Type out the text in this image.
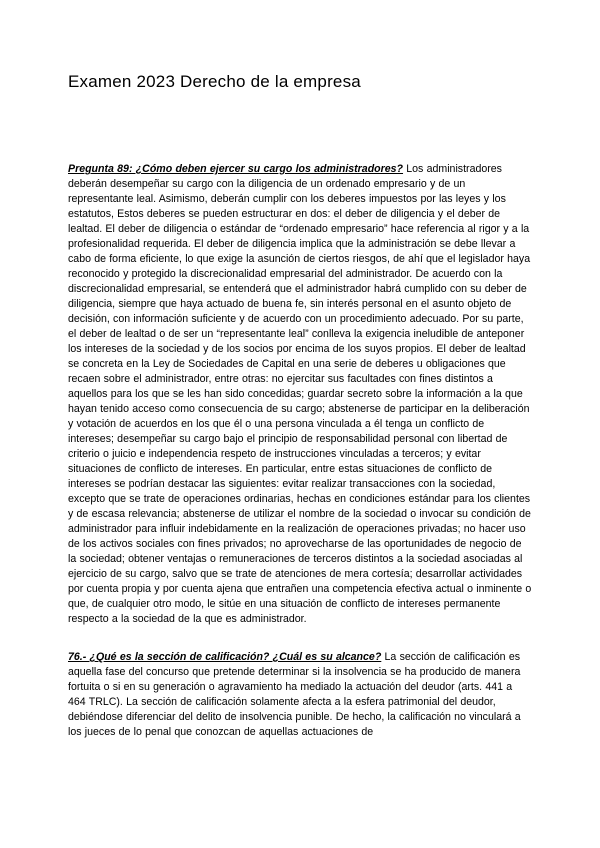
Examen 2023 Derecho de la empresa

Pregunta 89: ¿Cómo deben ejercer su cargo los administradores? Los administradores deberán desempeñar su cargo con la diligencia de un ordenado empresario y de un representante leal. Asimismo, deberán cumplir con los deberes impuestos por las leyes y los estatutos, Estos deberes se pueden estructurar en dos: el deber de diligencia y el deber de lealtad. El deber de diligencia o estándar de “ordenado empresario” hace referencia al rigor y a la profesionalidad requerida. El deber de diligencia implica que la administración se debe llevar a cabo de forma eficiente, lo que exige la asunción de ciertos riesgos, de ahí que el legislador haya reconocido y protegido la discrecionalidad empresarial del administrador. De acuerdo con la discrecionalidad empresarial, se entenderá que el administrador habrá cumplido con su deber de diligencia, siempre que haya actuado de buena fe, sin interés personal en el asunto objeto de decisión, con información suficiente y de acuerdo con un procedimiento adecuado. Por su parte, el deber de lealtad o de ser un “representante leal” conlleva la exigencia ineludible de anteponer los intereses de la sociedad y de los socios por encima de los suyos propios. El deber de lealtad se concreta en la Ley de Sociedades de Capital en una serie de deberes u obligaciones que recaen sobre el administrador, entre otras: no ejercitar sus facultades con fines distintos a aquellos para los que se les han sido concedidas; guardar secreto sobre la información a la que hayan tenido acceso como consecuencia de su cargo; abstenerse de participar en la deliberación y votación de acuerdos en los que él o una persona vinculada a él tenga un conflicto de intereses; desempeñar su cargo bajo el principio de responsabilidad personal con libertad de criterio o juicio e independencia respeto de instrucciones vinculadas a terceros; y evitar situaciones de conflicto de intereses. En particular, entre estas situaciones de conflicto de intereses se podrían destacar las siguientes: evitar realizar transacciones con la sociedad, excepto que se trate de operaciones ordinarias, hechas en condiciones estándar para los clientes y de escasa relevancia; abstenerse de utilizar el nombre de la sociedad o invocar su condición de administrador para influir indebidamente en la realización de operaciones privadas; no hacer uso de los activos sociales con fines privados; no aprovecharse de las oportunidades de negocio de la sociedad; obtener ventajas o remuneraciones de terceros distintos a la sociedad asociadas al ejercicio de su cargo, salvo que se trate de atenciones de mera cortesía; desarrollar actividades por cuenta propia y por cuenta ajena que entrañen una competencia efectiva actual o inminente o que, de cualquier otro modo, le sitúe en una situación de conflicto de intereses permanente respecto a la sociedad de la que es administrador.

76.- ¿Qué es la sección de calificación? ¿Cuál es su alcance? La sección de calificación es aquella fase del concurso que pretende determinar si la insolvencia se ha producido de manera fortuita o si en su generación o agravamiento ha mediado la actuación del deudor (arts. 441 a 464 TRLC). La sección de calificación solamente afecta a la esfera patrimonial del deudor, debiéndose diferenciar del delito de insolvencia punible. De hecho, la calificación no vinculará a los jueces de lo penal que conozcan de aquellas actuaciones de
